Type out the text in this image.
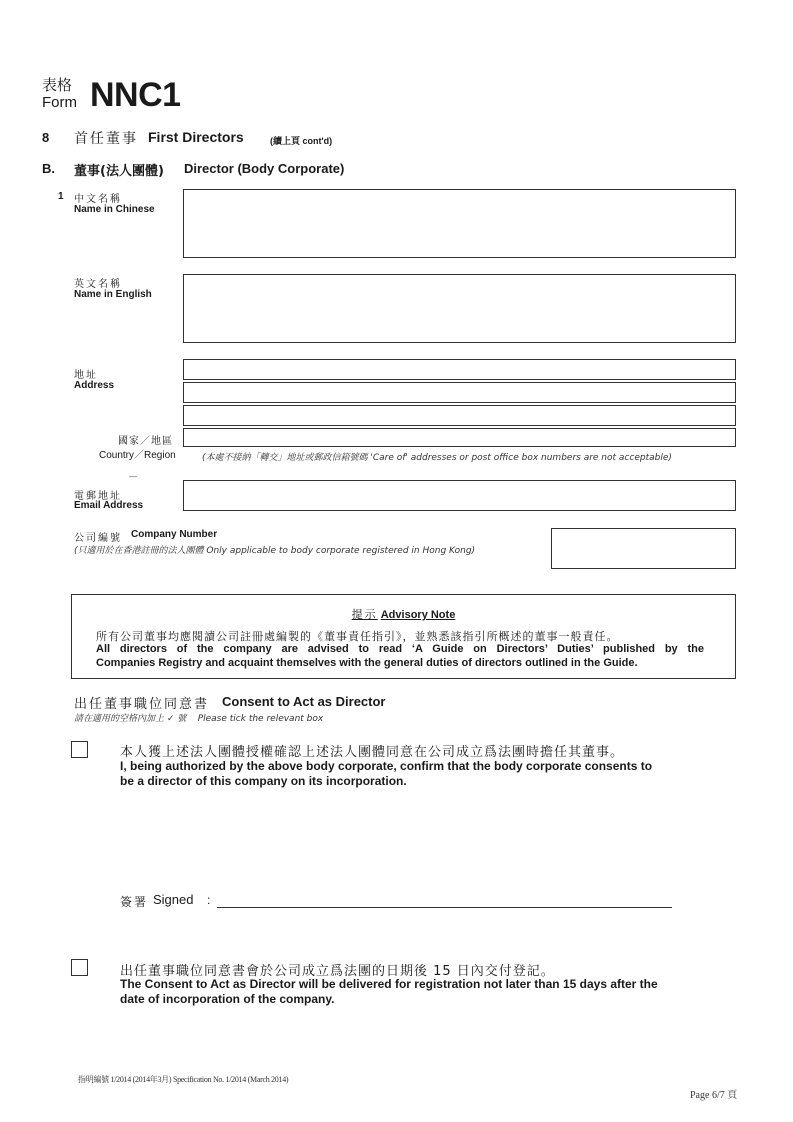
表格
Form NNC1
8 首任董事 First Directors	(續上頁 cont'd)
B. 董事(法人團體) Director (Body Corporate)
1 中文名稱
Name in Chinese
英文名稱
Name in English
地址
Address
國家／地區
Country／Region	(本處不接納「轉交」地址或郵政信箱號碼 'Care of' addresses or post office box numbers are not acceptable)
—
電郵地址
Email Address
公司編號 Company Number
(只適用於在香港註冊的法人團體 Only applicable to body corporate registered in Hong Kong)
提示 Advisory Note
所有公司董事均應閱讀公司註冊處編製的《董事責任指引》，並熟悉該指引所概述的董事一般責任。
All directors of the company are advised to read ‘A Guide on Directors’ Duties’ published by the
Companies Registry and acquaint themselves with the general duties of directors outlined in the Guide.
出任董事職位同意書 Consent to Act as Director
請在適用的空格內加上 ✓ 號    Please tick the relevant box
本人獲上述法人團體授權確認上述法人團體同意在公司成立爲法團時擔任其董事。
I, being authorized by the above body corporate, confirm that the body corporate consents to
be a director of this company on its incorporation.
簽署 Signed :
出任董事職位同意書會於公司成立爲法團的日期後 15 日內交付登記。
The Consent to Act as Director will be delivered for registration not later than 15 days after the
date of incorporation of the company.
指明編號 1/2014 (2014年3月) Specification No. 1/2014 (March 2014)
Page 6/7 頁
